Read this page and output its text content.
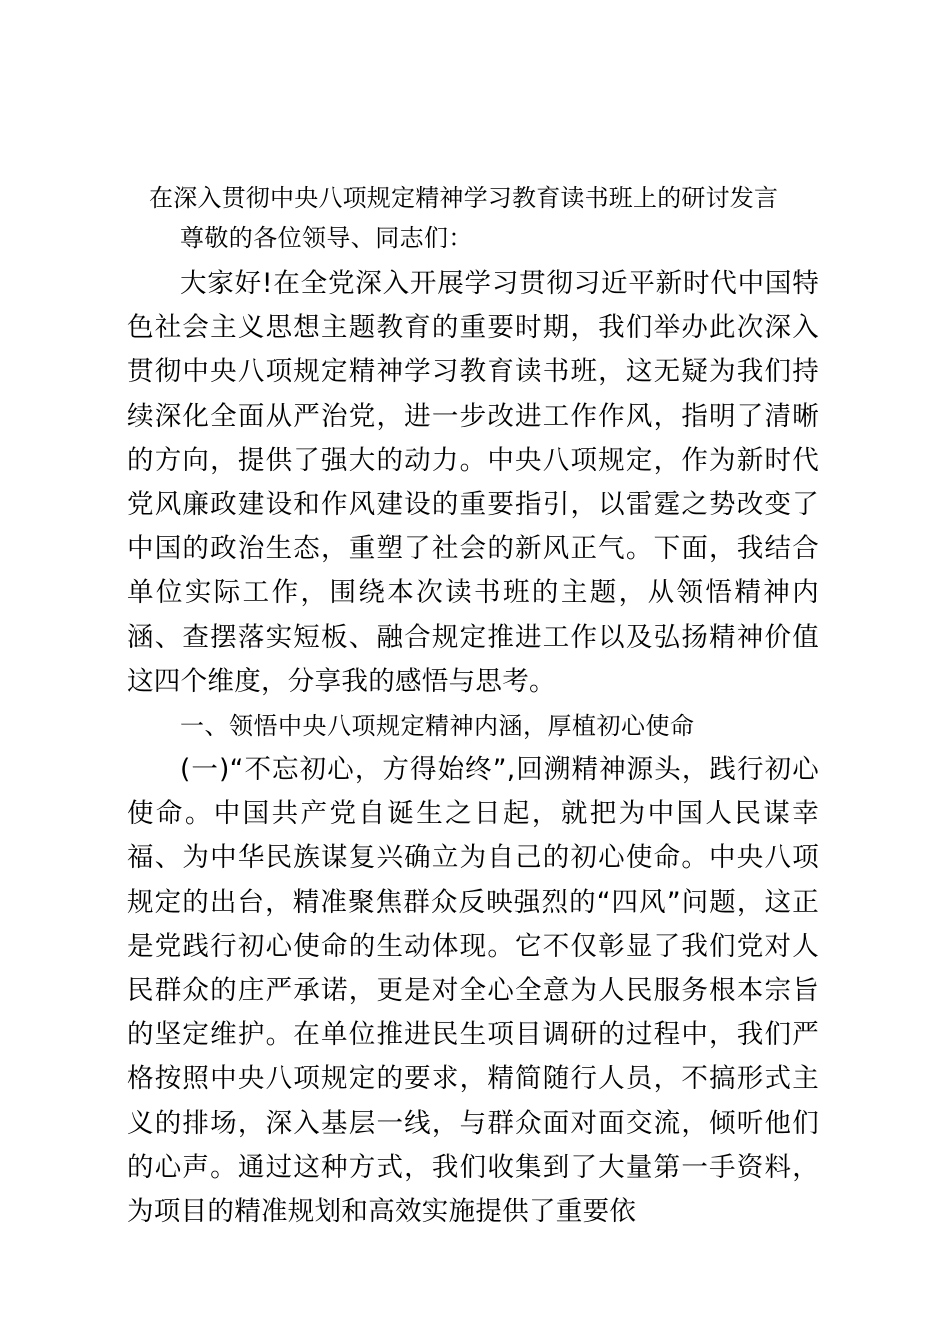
在深入贯彻中央八项规定精神学习教育读书班上的研讨发言

尊敬的各位领导、同志们：

大家好!在全党深入开展学习贯彻习近平新时代中国特色社会主义思想主题教育的重要时期，我们举办此次深入贯彻中央八项规定精神学习教育读书班，这无疑为我们持续深化全面从严治党，进一步改进工作作风，指明了清晰的方向，提供了强大的动力。中央八项规定，作为新时代党风廉政建设和作风建设的重要指引，以雷霆之势改变了中国的政治生态，重塑了社会的新风正气。下面，我结合单位实际工作，围绕本次读书班的主题，从领悟精神内涵、查摆落实短板、融合规定推进工作以及弘扬精神价值这四个维度，分享我的感悟与思考。

一、领悟中央八项规定精神内涵，厚植初心使命

(一)“不忘初心，方得始终”,回溯精神源头，践行初心使命。中国共产党自诞生之日起，就把为中国人民谋幸福、为中华民族谋复兴确立为自己的初心使命。中央八项规定的出台，精准聚焦群众反映强烈的“四风”问题，这正是党践行初心使命的生动体现。它不仅彰显了我们党对人民群众的庄严承诺，更是对全心全意为人民服务根本宗旨的坚定维护。在单位推进民生项目调研的过程中，我们严格按照中央八项规定的要求，精简随行人员，不搞形式主义的排场，深入基层一线，与群众面对面交流，倾听他们的心声。通过这种方式，我们收集到了大量第一手资料，为项目的精准规划和高效实施提供了重要依
